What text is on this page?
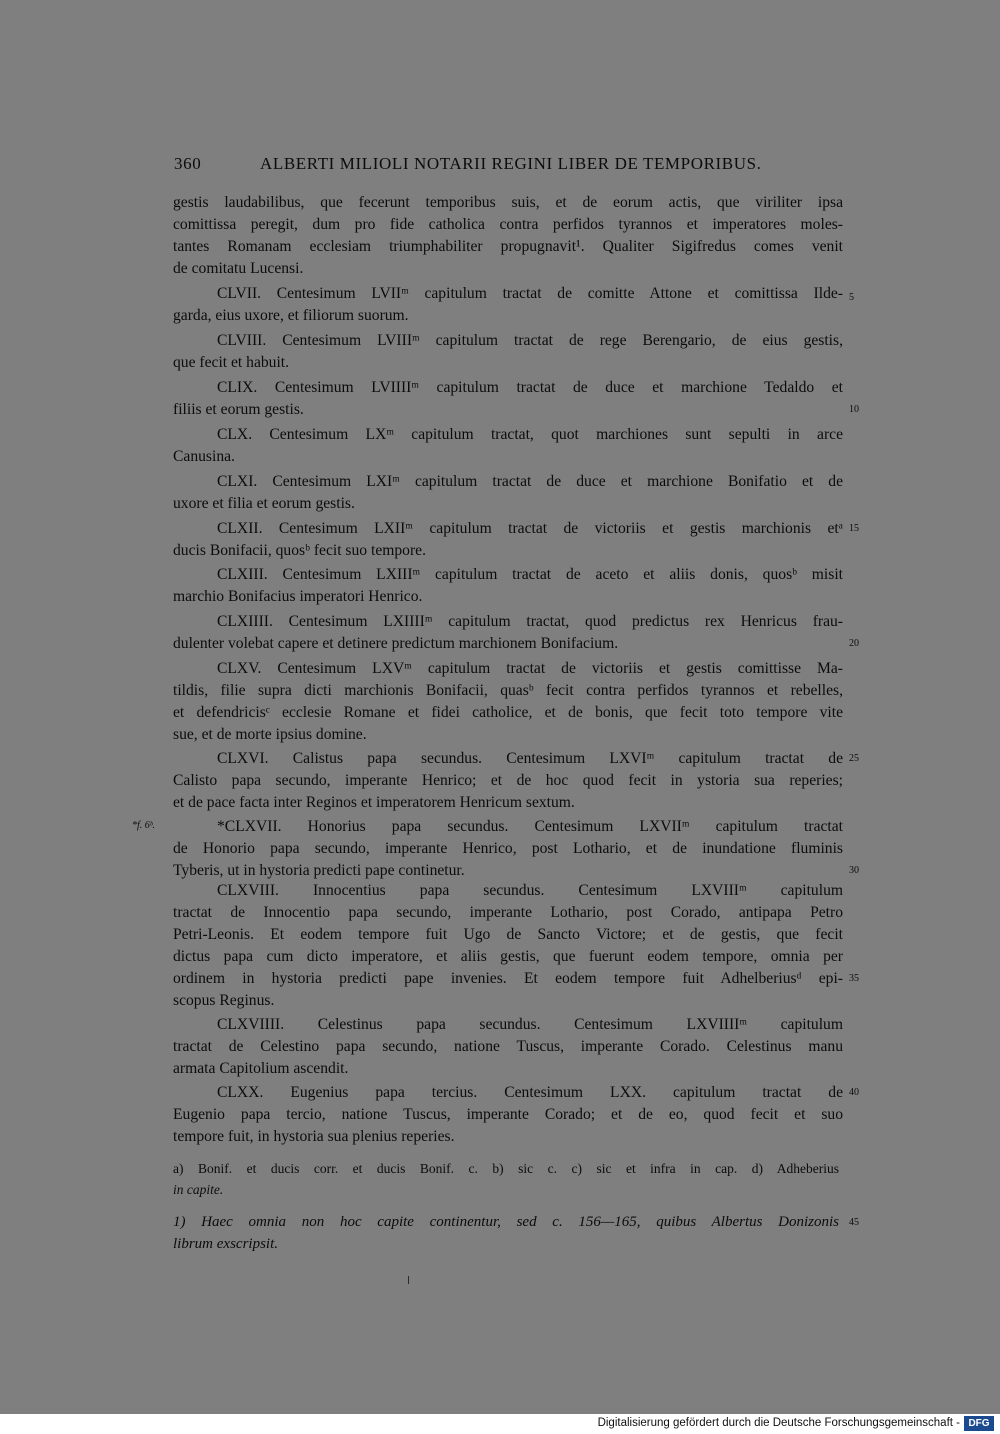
360	ALBERTI MILIOLI NOTARII REGINI LIBER DE TEMPORIBUS.
*f. 6ᵇ.
gestis laudabilibus, que fecerunt temporibus suis, et de eorum actis, que viriliter ipsa
comittissa peregit, dum pro fide catholica contra perfidos tyrannos et imperatores moles-
tantes Romanam ecclesiam triumphabiliter propugnavit¹. Qualiter Sigifredus comes venit
de comitatu Lucensi.
CLVII. Centesimum LVIIᵐ capitulum tractat de comitte Attone et comittissa Ilde-
garda, eius uxore, et filiorum suorum.
CLVIII. Centesimum LVIIIᵐ capitulum tractat de rege Berengario, de eius gestis,
que fecit et habuit.
CLIX. Centesimum LVIIIIᵐ capitulum tractat de duce et marchione Tedaldo et
filiis et eorum gestis.
CLX. Centesimum LXᵐ capitulum tractat, quot marchiones sunt sepulti in arce
Canusina.
CLXI. Centesimum LXIᵐ capitulum tractat de duce et marchione Bonifatio et de
uxore et filia et eorum gestis.
CLXII. Centesimum LXIIᵐ capitulum tractat de victoriis et gestis marchionis etᵃ
ducis Bonifacii, quosᵇ fecit suo tempore.
CLXIII. Centesimum LXIIIᵐ capitulum tractat de aceto et aliis donis, quosᵇ misit
marchio Bonifacius imperatori Henrico.
CLXIIII. Centesimum LXIIIIᵐ capitulum tractat, quod predictus rex Henricus frau-
dulenter volebat capere et detinere predictum marchionem Bonifacium.
CLXV. Centesimum LXVᵐ capitulum tractat de victoriis et gestis comittisse Ma-
tildis, filie supra dicti marchionis Bonifacii, quasᵇ fecit contra perfidos tyrannos et rebelles,
et defendricisᶜ ecclesie Romane et fidei catholice, et de bonis, que fecit toto tempore vite
sue, et de morte ipsius domine.
CLXVI. Calistus papa secundus. Centesimum LXVIᵐ capitulum tractat de
Calisto papa secundo, imperante Henrico; et de hoc quod fecit in ystoria sua reperies;
et de pace facta inter Reginos et imperatorem Henricum sextum.
*CLXVII. Honorius papa secundus. Centesimum LXVIIᵐ capitulum tractat
de Honorio papa secundo, imperante Henrico, post Lothario, et de inundatione fluminis
Tyberis, ut in hystoria predicti pape continetur.
CLXVIII. Innocentius papa secundus. Centesimum LXVIIIᵐ capitulum
tractat de Innocentio papa secundo, imperante Lothario, post Corado, antipapa Petro
Petri-Leonis. Et eodem tempore fuit Ugo de Sancto Victore; et de gestis, que fecit
dictus papa cum dicto imperatore, et aliis gestis, que fuerunt eodem tempore, omnia per
ordinem in hystoria predicti pape invenies. Et eodem tempore fuit Adhelberiusᵈ epi-
scopus Reginus.
CLXVIIII. Celestinus papa secundus. Centesimum LXVIIIIᵐ capitulum
tractat de Celestino papa secundo, natione Tuscus, imperante Corado. Celestinus manu
armata Capitolium ascendit.
CLXX. Eugenius papa tercius. Centesimum LXX. capitulum tractat de
Eugenio papa tercio, natione Tuscus, imperante Corado; et de eo, quod fecit et suo
tempore fuit, in hystoria sua plenius reperies.
5
10
15
20
25
30
35
40
45
a) Bonif. et ducis corr. et ducis Bonif. c. b) sic c. c) sic et infra in cap. d) Adheberius
in capite.
1) Haec omnia non hoc capite continentur, sed c. 156—165, quibus Albertus Donizonis
librum exscripsit.
Digitalisierung gefördert durch die Deutsche Forschungsgemeinschaft - DFG
